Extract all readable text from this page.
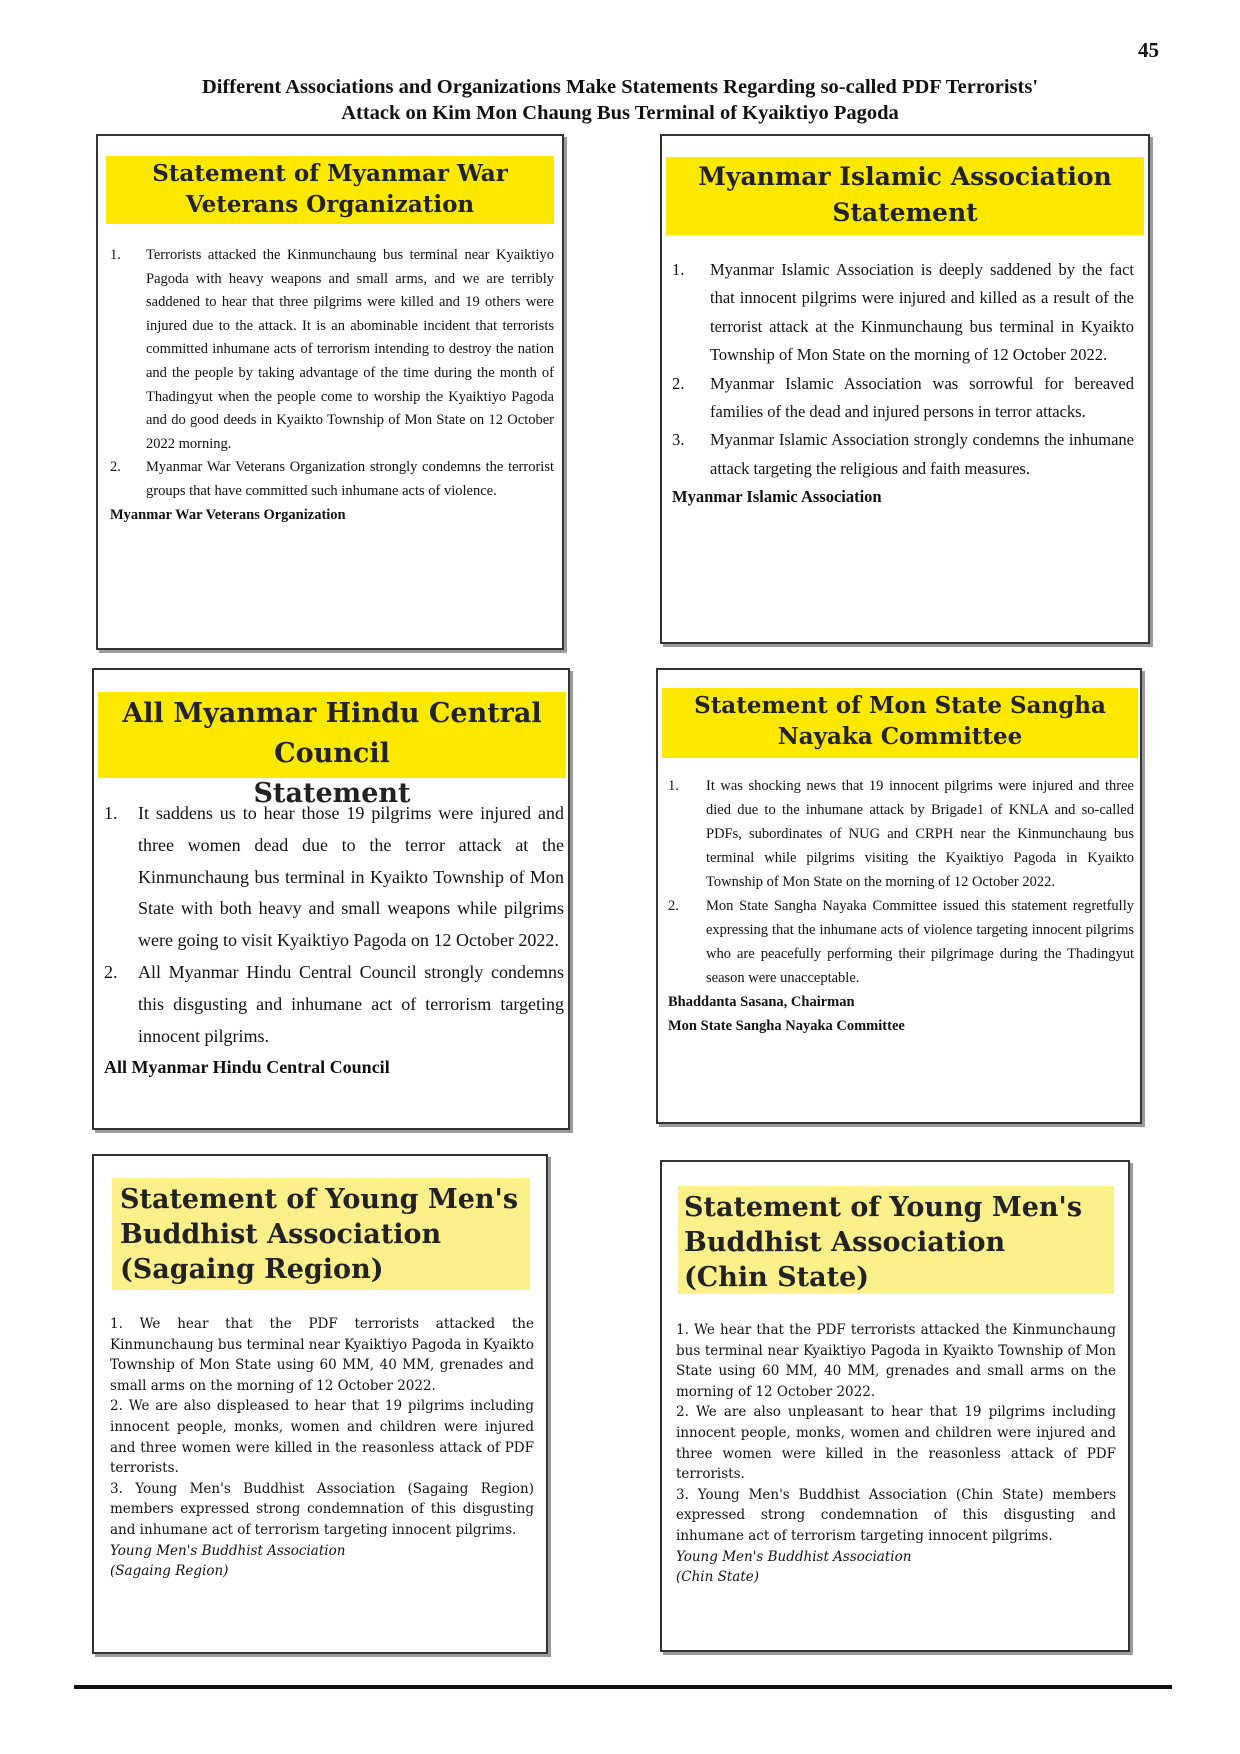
45
Different Associations and Organizations Make Statements Regarding so-called PDF Terrorists'
Attack on Kim Mon Chaung Bus Terminal of Kyaiktiyo Pagoda
Statement of Myanmar War
Veterans Organization
1. Terrorists attacked the Kinmunchaung bus terminal near Kyaiktiyo Pagoda with heavy weapons and small arms, and we are terribly saddened to hear that three pilgrims were killed and 19 others were injured due to the attack. It is an abominable incident that terrorists committed inhumane acts of terrorism intending to destroy the nation and the people by taking advantage of the time during the month of Thadingyut when the people come to worship the Kyaiktiyo Pagoda and do good deeds in Kyaikto Township of Mon State on 12 October 2022 morning.
2. Myanmar War Veterans Organization strongly condemns the terrorist groups that have committed such inhumane acts of violence.
Myanmar War Veterans Organization
Myanmar Islamic Association
Statement
1. Myanmar Islamic Association is deeply saddened by the fact that innocent pilgrims were injured and killed as a result of the terrorist attack at the Kinmunchaung bus terminal in Kyaikto Township of Mon State on the morning of 12 October 2022.
2. Myanmar Islamic Association was sorrowful for bereaved families of the dead and injured persons in terror attacks.
3. Myanmar Islamic Association strongly condemns the inhumane attack targeting the religious and faith measures.
Myanmar Islamic Association
All Myanmar Hindu Central Council
Statement
1. It saddens us to hear those 19 pilgrims were injured and three women dead due to the terror attack at the Kinmunchaung bus terminal in Kyaikto Township of Mon State with both heavy and small weapons while pilgrims were going to visit Kyaiktiyo Pagoda on 12 October 2022.
2. All Myanmar Hindu Central Council strongly condemns this disgusting and inhumane act of terrorism targeting innocent pilgrims.
All Myanmar Hindu Central Council
Statement of Mon State Sangha
Nayaka Committee
1. It was shocking news that 19 innocent pilgrims were injured and three died due to the inhumane attack by Brigade1 of KNLA and so-called PDFs, subordinates of NUG and CRPH near the Kinmunchaung bus terminal while pilgrims visiting the Kyaiktiyo Pagoda in Kyaikto Township of Mon State on the morning of 12 October 2022.
2. Mon State Sangha Nayaka Committee issued this statement regretfully expressing that the inhumane acts of violence targeting innocent pilgrims who are peacefully performing their pilgrimage during the Thadingyut season were unacceptable.
Bhaddanta Sasana, Chairman
Mon State Sangha Nayaka Committee
Statement of Young Men's
Buddhist Association
(Sagaing Region)
1. We hear that the PDF terrorists attacked the Kinmunchaung bus terminal near Kyaiktiyo Pagoda in Kyaikto Township of Mon State using 60 MM, 40 MM, grenades and small arms on the morning of 12 October 2022.
2. We are also displeased to hear that 19 pilgrims including innocent people, monks, women and children were injured and three women were killed in the reasonless attack of PDF terrorists.
3. Young Men's Buddhist Association (Sagaing Region) members expressed strong condemnation of this disgusting and inhumane act of terrorism targeting innocent pilgrims.
Young Men's Buddhist Association
(Sagaing Region)
Statement of Young Men's
Buddhist Association
(Chin State)
1. We hear that the PDF terrorists attacked the Kinmunchaung bus terminal near Kyaiktiyo Pagoda in Kyaikto Township of Mon State using 60 MM, 40 MM, grenades and small arms on the morning of 12 October 2022.
2. We are also unpleasant to hear that 19 pilgrims including innocent people, monks, women and children were injured and three women were killed in the reasonless attack of PDF terrorists.
3. Young Men's Buddhist Association (Chin State) members expressed strong condemnation of this disgusting and inhumane act of terrorism targeting innocent pilgrims.
Young Men's Buddhist Association
(Chin State)
